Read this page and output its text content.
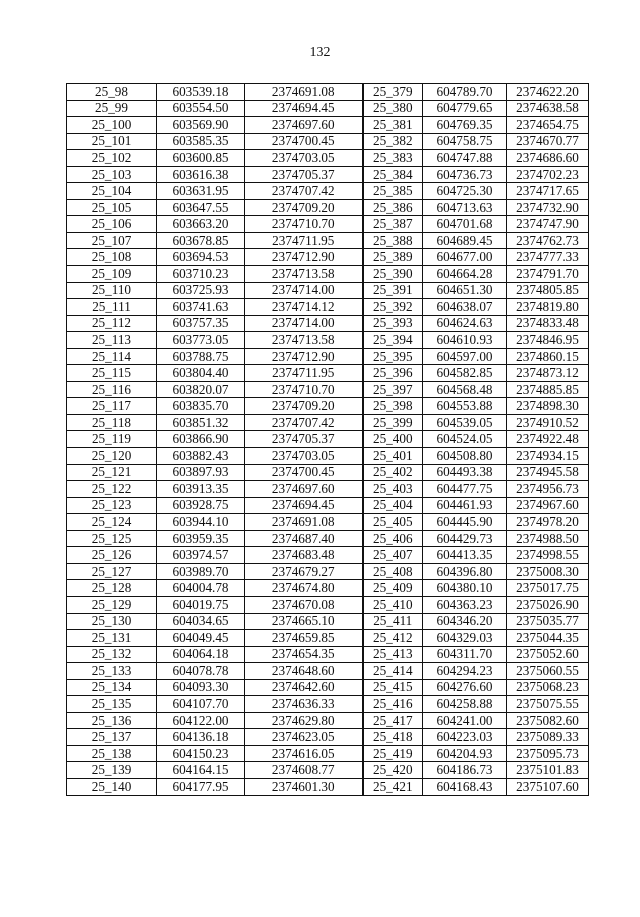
132
25_98	603539.18	2374691.08	25_379	604789.70	2374622.20
25_99	603554.50	2374694.45	25_380	604779.65	2374638.58
25_100	603569.90	2374697.60	25_381	604769.35	2374654.75
25_101	603585.35	2374700.45	25_382	604758.75	2374670.77
25_102	603600.85	2374703.05	25_383	604747.88	2374686.60
25_103	603616.38	2374705.37	25_384	604736.73	2374702.23
25_104	603631.95	2374707.42	25_385	604725.30	2374717.65
25_105	603647.55	2374709.20	25_386	604713.63	2374732.90
25_106	603663.20	2374710.70	25_387	604701.68	2374747.90
25_107	603678.85	2374711.95	25_388	604689.45	2374762.73
25_108	603694.53	2374712.90	25_389	604677.00	2374777.33
25_109	603710.23	2374713.58	25_390	604664.28	2374791.70
25_110	603725.93	2374714.00	25_391	604651.30	2374805.85
25_111	603741.63	2374714.12	25_392	604638.07	2374819.80
25_112	603757.35	2374714.00	25_393	604624.63	2374833.48
25_113	603773.05	2374713.58	25_394	604610.93	2374846.95
25_114	603788.75	2374712.90	25_395	604597.00	2374860.15
25_115	603804.40	2374711.95	25_396	604582.85	2374873.12
25_116	603820.07	2374710.70	25_397	604568.48	2374885.85
25_117	603835.70	2374709.20	25_398	604553.88	2374898.30
25_118	603851.32	2374707.42	25_399	604539.05	2374910.52
25_119	603866.90	2374705.37	25_400	604524.05	2374922.48
25_120	603882.43	2374703.05	25_401	604508.80	2374934.15
25_121	603897.93	2374700.45	25_402	604493.38	2374945.58
25_122	603913.35	2374697.60	25_403	604477.75	2374956.73
25_123	603928.75	2374694.45	25_404	604461.93	2374967.60
25_124	603944.10	2374691.08	25_405	604445.90	2374978.20
25_125	603959.35	2374687.40	25_406	604429.73	2374988.50
25_126	603974.57	2374683.48	25_407	604413.35	2374998.55
25_127	603989.70	2374679.27	25_408	604396.80	2375008.30
25_128	604004.78	2374674.80	25_409	604380.10	2375017.75
25_129	604019.75	2374670.08	25_410	604363.23	2375026.90
25_130	604034.65	2374665.10	25_411	604346.20	2375035.77
25_131	604049.45	2374659.85	25_412	604329.03	2375044.35
25_132	604064.18	2374654.35	25_413	604311.70	2375052.60
25_133	604078.78	2374648.60	25_414	604294.23	2375060.55
25_134	604093.30	2374642.60	25_415	604276.60	2375068.23
25_135	604107.70	2374636.33	25_416	604258.88	2375075.55
25_136	604122.00	2374629.80	25_417	604241.00	2375082.60
25_137	604136.18	2374623.05	25_418	604223.03	2375089.33
25_138	604150.23	2374616.05	25_419	604204.93	2375095.73
25_139	604164.15	2374608.77	25_420	604186.73	2375101.83
25_140	604177.95	2374601.30	25_421	604168.43	2375107.60
